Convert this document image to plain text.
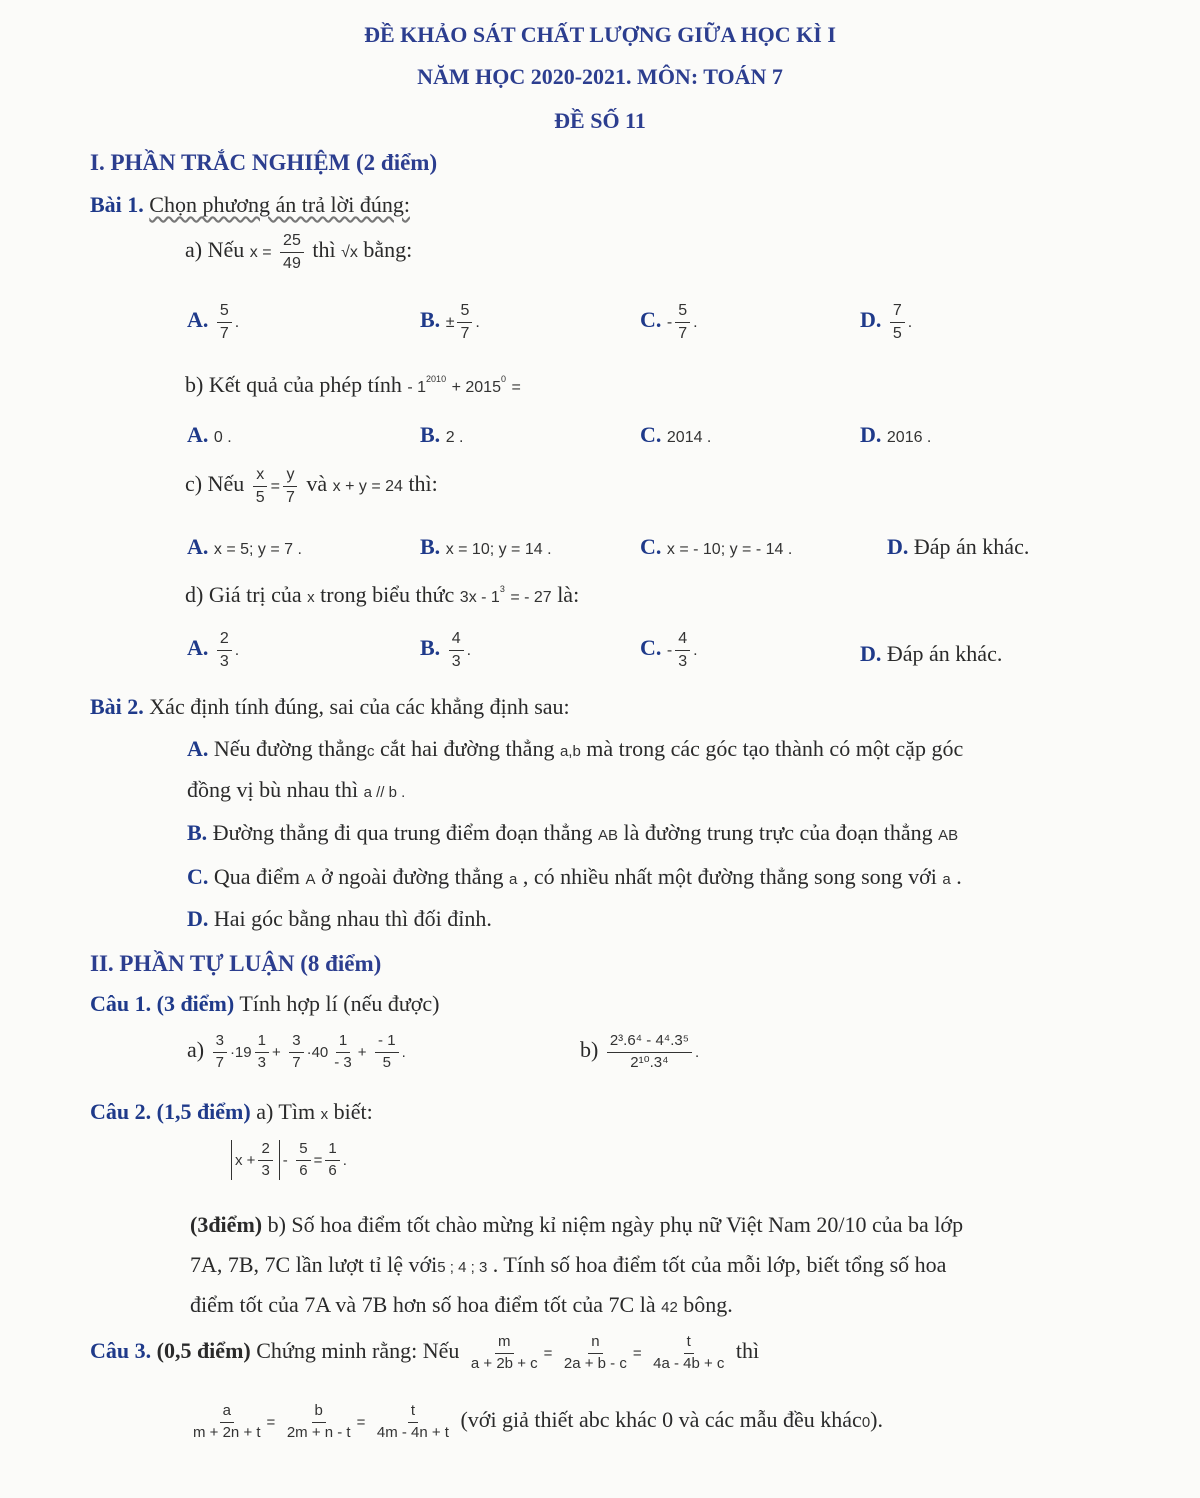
ĐỀ KHẢO SÁT CHẤT LƯỢNG GIỮA HỌC KÌ I
NĂM HỌC 2020-2021. MÔN: TOÁN 7
ĐỀ SỐ 11
I. PHẦN TRẮC NGHIỆM (2 điểm)
Bài 1. Chọn phương án trả lời đúng:
a) Nếu $x = \frac{25}{49}$ thì √x bằng:
A. $\frac{5}{7}$ .	B. ± $\frac{5}{7}$ .	C. - $\frac{5}{7}$ .	D. $\frac{7}{5}$ .
b) Kết quả của phép tính - $1^{2010} + 2015^0$ =
A. 0 .	B. 2 .	C. 2014 .	D. 2016 .
c) Nếu $\frac{x}{5} = \frac{y}{7}$ và x + y = 24 thì:
A. x = 5; y = 7 .	B. x = 10; y = 14 .	C. x = - 10; y = - 14 .	D. Đáp án khác.
d) Giá trị của x trong biểu thức $3x - 1^3$ = - 27 là:
A. $\frac{2}{3}$ .	B. $\frac{4}{3}$ .	C. - $\frac{4}{3}$ .	D. Đáp án khác.
Bài 2. Xác định tính đúng, sai của các khẳng định sau:
A. Nếu đường thẳngc cắt hai đường thẳng a,b mà trong các góc tạo thành có một cặp góc
đồng vị bù nhau thì a // b .
B. Đường thẳng đi qua trung điểm đoạn thẳng AB là đường trung trực của đoạn thẳng AB
C. Qua điểm A ở ngoài đường thẳng a , có nhiều nhất một đường thẳng song song với a .
D. Hai góc bằng nhau thì đối đỉnh.
II. PHẦN TỰ LUẬN (8 điểm)
Câu 1. (3 điểm) Tính hợp lí (nếu được)
$a) \frac{3}{7} \cdot 19 \frac{1}{3} + \frac{3}{7} \cdot 40 \frac{1}{- 3} + \frac{- 1}{5}$ .	$b) \frac{\text{2³.6⁴ - 4⁴.3⁵}}{\text{2¹⁰.3⁴}}$ .
Câu 2. (1,5 điểm) a) Tìm x biết:
$x + \frac{2}{3} - \frac{5}{6} = \frac{1}{6}$ .
(3điểm) b) Số hoa điểm tốt chào mừng kỉ niệm ngày phụ nữ Việt Nam 20/10 của ba lớp
7A, 7B, 7C lần lượt tỉ lệ với5 ; 4 ; 3 . Tính số hoa điểm tốt của mỗi lớp, biết tổng số hoa
điểm tốt của 7A và 7B hơn số hoa điểm tốt của 7C là 42 bông.
Câu 3. (0,5 điểm) Chứng minh rằng: Nếu $\frac{m}{a + 2b + c} = \frac{n}{2a + b - c} = \frac{t}{4a - 4b + c}$ thì
$\frac{a}{m + 2n + t} = \frac{b}{2m + n - t} = \frac{t}{4m - 4n + t}$ (với giả thiết abc khác 0 và các mẫu đều khác0).
